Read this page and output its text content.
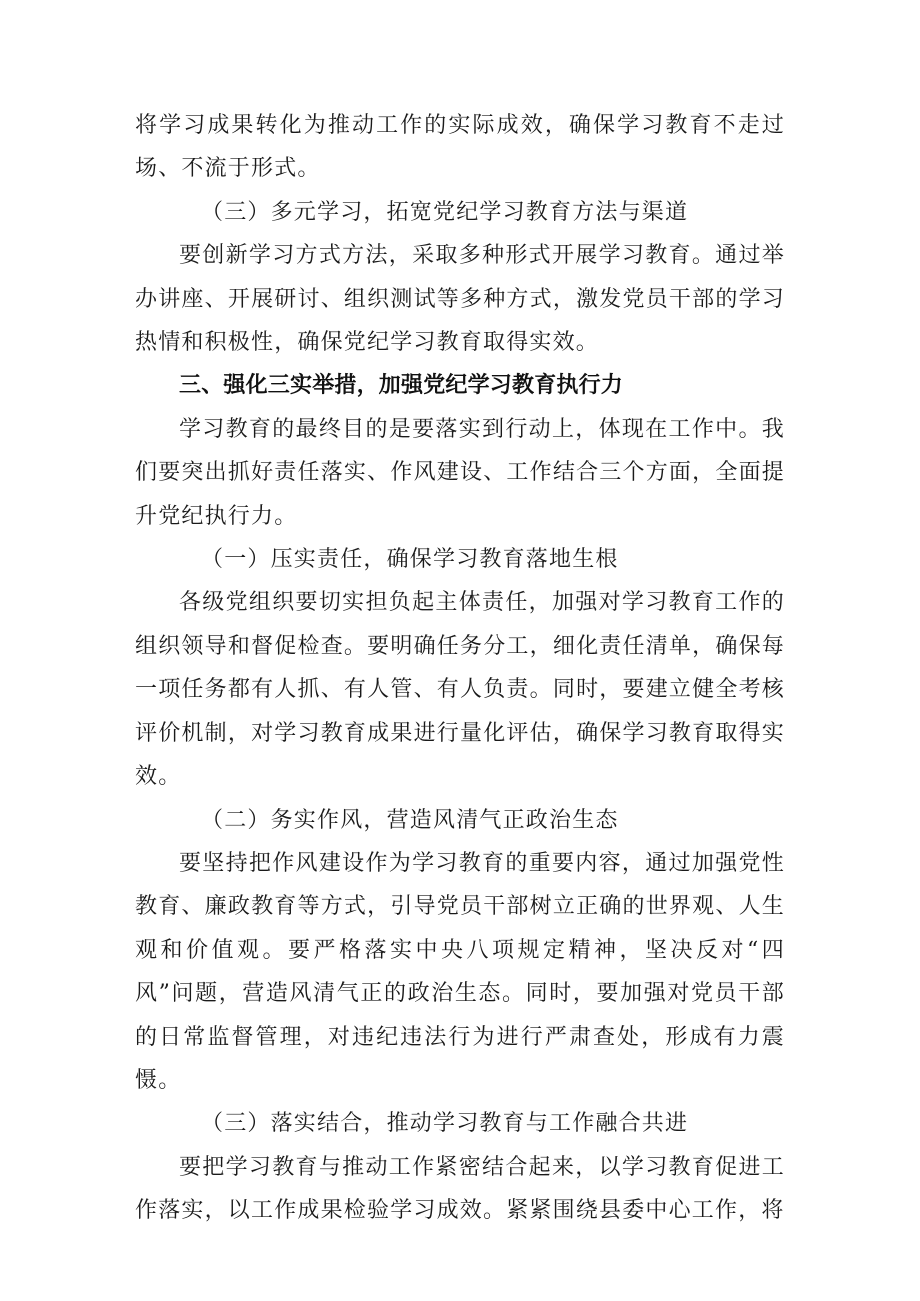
将学习成果转化为推动工作的实际成效，确保学习教育不走过场、不流于形式。

（三）多元学习，拓宽党纪学习教育方法与渠道

要创新学习方式方法，采取多种形式开展学习教育。通过举办讲座、开展研讨、组织测试等多种方式，激发党员干部的学习热情和积极性，确保党纪学习教育取得实效。

三、强化三实举措，加强党纪学习教育执行力

学习教育的最终目的是要落实到行动上，体现在工作中。我们要突出抓好责任落实、作风建设、工作结合三个方面，全面提升党纪执行力。

（一）压实责任，确保学习教育落地生根

各级党组织要切实担负起主体责任，加强对学习教育工作的组织领导和督促检查。要明确任务分工，细化责任清单，确保每一项任务都有人抓、有人管、有人负责。同时，要建立健全考核评价机制，对学习教育成果进行量化评估，确保学习教育取得实效。

（二）务实作风，营造风清气正政治生态

要坚持把作风建设作为学习教育的重要内容，通过加强党性教育、廉政教育等方式，引导党员干部树立正确的世界观、人生观和价值观。要严格落实中央八项规定精神，坚决反对“四风”问题，营造风清气正的政治生态。同时，要加强对党员干部的日常监督管理，对违纪违法行为进行严肃查处，形成有力震慑。

（三）落实结合，推动学习教育与工作融合共进

要把学习教育与推动工作紧密结合起来，以学习教育促进工作落实，以工作成果检验学习成效。紧紧围绕县委中心工作，将
